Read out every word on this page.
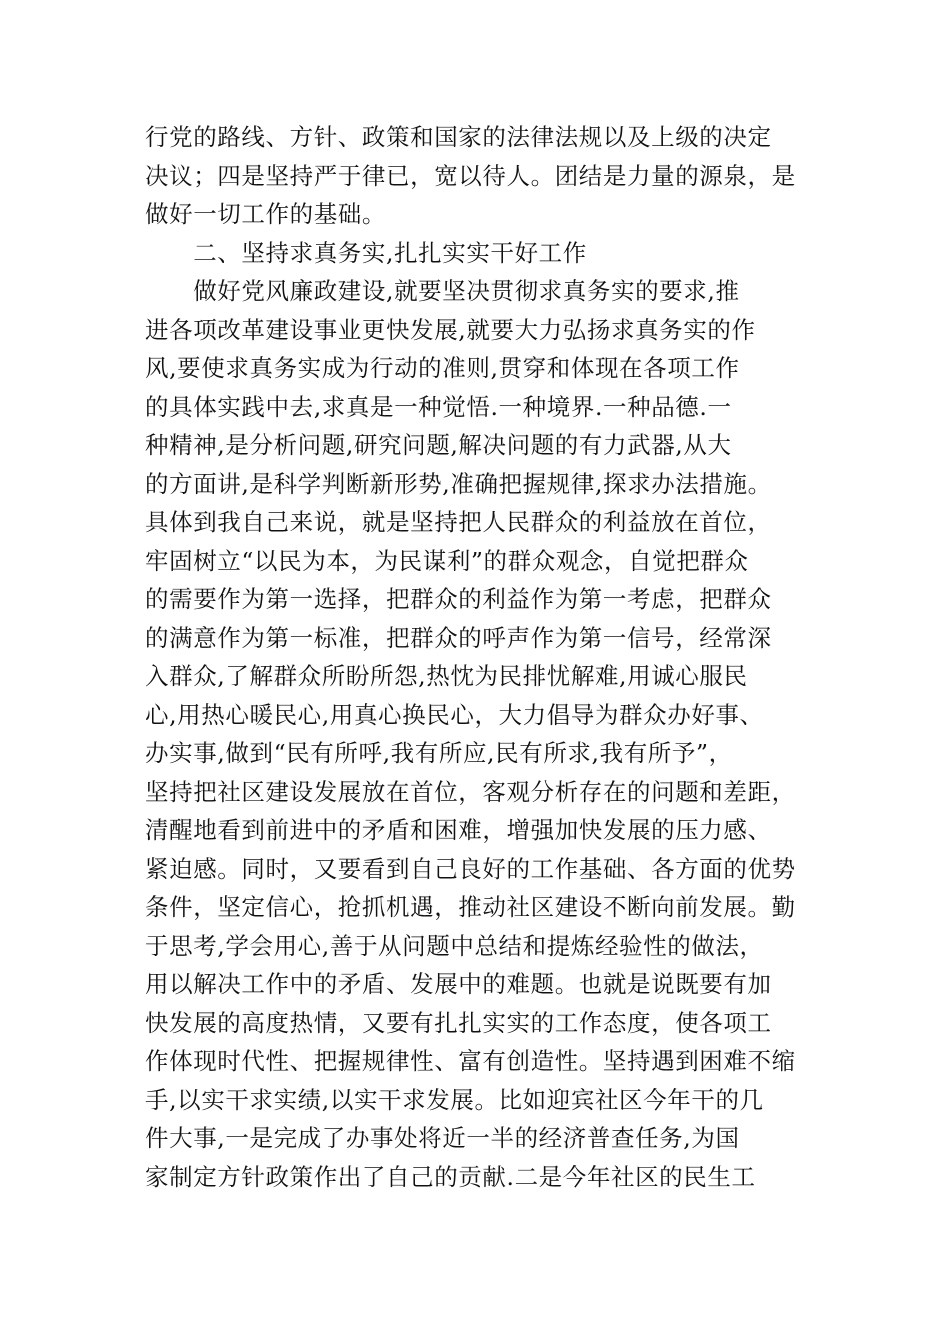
行党的路线、方针、政策和国家的法律法规以及上级的决定
决议；四是坚持严于律已，宽以待人。团结是力量的源泉，是
做好一切工作的基础。
　　二、坚持求真务实,扎扎实实干好工作
　　做好党风廉政建设,就要坚决贯彻求真务实的要求,推
进各项改革建设事业更快发展,就要大力弘扬求真务实的作
风,要使求真务实成为行动的准则,贯穿和体现在各项工作
的具体实践中去,求真是一种觉悟.一种境界.一种品德.一
种精神,是分析问题,研究问题,解决问题的有力武器,从大
的方面讲,是科学判断新形势,准确把握规律,探求办法措施。
具体到我自己来说，就是坚持把人民群众的利益放在首位，
牢固树立“以民为本，为民谋利”的群众观念，自觉把群众
的需要作为第一选择，把群众的利益作为第一考虑，把群众
的满意作为第一标准，把群众的呼声作为第一信号，经常深
入群众,了解群众所盼所怨,热忱为民排忧解难,用诚心服民
心,用热心暖民心,用真心换民心，大力倡导为群众办好事、
办实事,做到“民有所呼,我有所应,民有所求,我有所予”，
坚持把社区建设发展放在首位，客观分析存在的问题和差距，
清醒地看到前进中的矛盾和困难，增强加快发展的压力感、
紧迫感。同时，又要看到自己良好的工作基础、各方面的优势
条件，坚定信心，抢抓机遇，推动社区建设不断向前发展。勤
于思考,学会用心,善于从问题中总结和提炼经验性的做法，
用以解决工作中的矛盾、发展中的难题。也就是说既要有加
快发展的高度热情，又要有扎扎实实的工作态度，使各项工
作体现时代性、把握规律性、富有创造性。坚持遇到困难不缩
手,以实干求实绩,以实干求发展。比如迎宾社区今年干的几
件大事,一是完成了办事处将近一半的经济普查任务,为国
家制定方针政策作出了自己的贡献.二是今年社区的民生工
